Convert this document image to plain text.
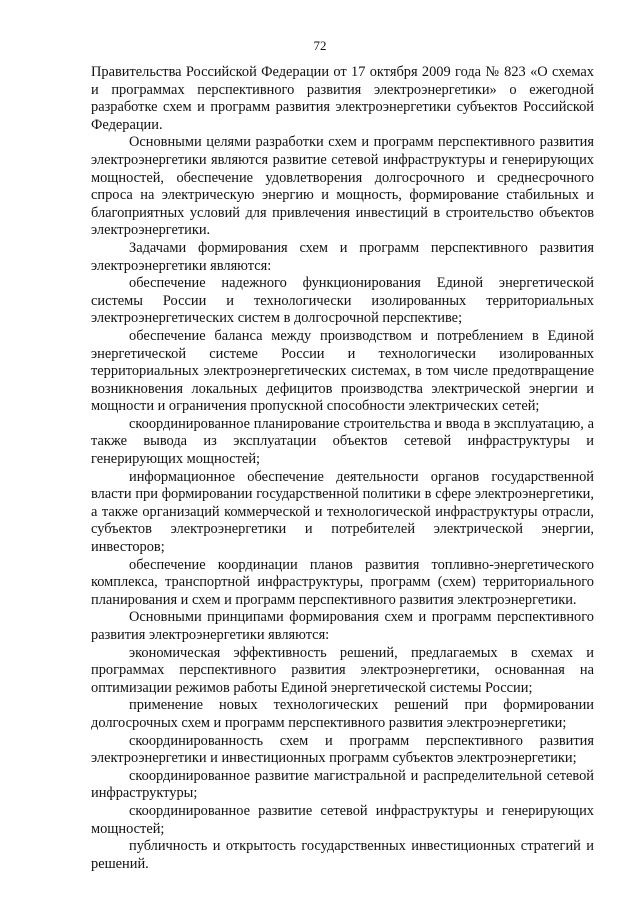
72

Правительства Российской Федерации от 17 октября 2009 года № 823 «О схемах и программах перспективного развития электроэнергетики» о ежегодной разработке схем и программ развития электроэнергетики субъектов Российской Федерации.

Основными целями разработки схем и программ перспективного развития электроэнергетики являются развитие сетевой инфраструктуры и генерирующих мощностей, обеспечение удовлетворения долгосрочного и среднесрочного спроса на электрическую энергию и мощность, формирование стабильных и благоприятных условий для привлечения инвестиций в строительство объектов электроэнергетики.

Задачами формирования схем и программ перспективного развития электроэнергетики являются:

обеспечение надежного функционирования Единой энергетической системы России и технологически изолированных территориальных электроэнергетических систем в долгосрочной перспективе;

обеспечение баланса между производством и потреблением в Единой энергетической системе России и технологически изолированных территориальных электроэнергетических системах, в том числе предотвращение возникновения локальных дефицитов производства электрической энергии и мощности и ограничения пропускной способности электрических сетей;

скоординированное планирование строительства и ввода в эксплуатацию, а также вывода из эксплуатации объектов сетевой инфраструктуры и генерирующих мощностей;

информационное обеспечение деятельности органов государственной власти при формировании государственной политики в сфере электроэнергетики, а также организаций коммерческой и технологической инфраструктуры отрасли, субъектов электроэнергетики и потребителей электрической энергии, инвесторов;

обеспечение координации планов развития топливно-энергетического комплекса, транспортной инфраструктуры, программ (схем) территориального планирования и схем и программ перспективного развития электроэнергетики.

Основными принципами формирования схем и программ перспективного развития электроэнергетики являются:

экономическая эффективность решений, предлагаемых в схемах и программах перспективного развития электроэнергетики, основанная на оптимизации режимов работы Единой энергетической системы России;

применение новых технологических решений при формировании долгосрочных схем и программ перспективного развития электроэнергетики;

скоординированность схем и программ перспективного развития электроэнергетики и инвестиционных программ субъектов электроэнергетики;

скоординированное развитие магистральной и распределительной сетевой инфраструктуры;

скоординированное развитие сетевой инфраструктуры и генерирующих мощностей;

публичность и открытость государственных инвестиционных стратегий и решений.
